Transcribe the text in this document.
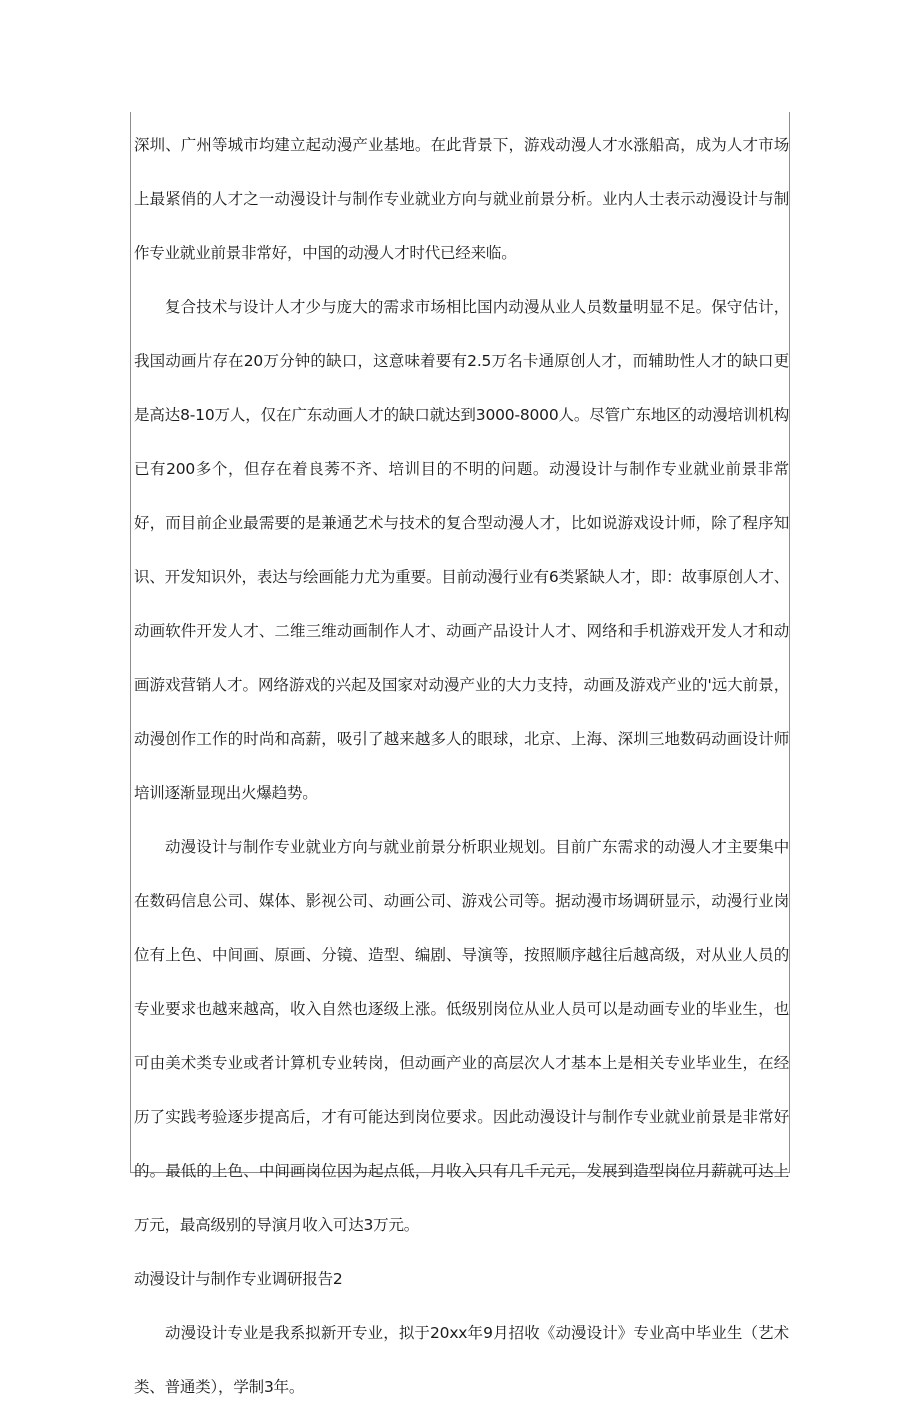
深圳、广州等城市均建立起动漫产业基地。在此背景下，游戏动漫人才水涨船高，成为人才市场上最紧俏的人才之一动漫设计与制作专业就业方向与就业前景分析。业内人士表示动漫设计与制作专业就业前景非常好，中国的动漫人才时代已经来临。

复合技术与设计人才少与庞大的需求市场相比国内动漫从业人员数量明显不足。保守估计，我国动画片存在20万分钟的缺口，这意味着要有2.5万名卡通原创人才，而辅助性人才的缺口更是高达8-10万人，仅在广东动画人才的缺口就达到3000-8000人。尽管广东地区的动漫培训机构已有200多个，但存在着良莠不齐、培训目的不明的问题。动漫设计与制作专业就业前景非常好，而目前企业最需要的是兼通艺术与技术的复合型动漫人才，比如说游戏设计师，除了程序知识、开发知识外，表达与绘画能力尤为重要。目前动漫行业有6类紧缺人才，即：故事原创人才、动画软件开发人才、二维三维动画制作人才、动画产品设计人才、网络和手机游戏开发人才和动画游戏营销人才。网络游戏的兴起及国家对动漫产业的大力支持，动画及游戏产业的'远大前景，动漫创作工作的时尚和高薪，吸引了越来越多人的眼球，北京、上海、深圳三地数码动画设计师培训逐渐显现出火爆趋势。

动漫设计与制作专业就业方向与就业前景分析职业规划。目前广东需求的动漫人才主要集中在数码信息公司、媒体、影视公司、动画公司、游戏公司等。据动漫市场调研显示，动漫行业岗位有上色、中间画、原画、分镜、造型、编剧、导演等，按照顺序越往后越高级，对从业人员的专业要求也越来越高，收入自然也逐级上涨。低级别岗位从业人员可以是动画专业的毕业生，也可由美术类专业或者计算机专业转岗，但动画产业的高层次人才基本上是相关专业毕业生，在经历了实践考验逐步提高后，才有可能达到岗位要求。因此动漫设计与制作专业就业前景是非常好的。最低的上色、中间画岗位因为起点低，月收入只有几千元元，发展到造型岗位月薪就可达上万元，最高级别的导演月收入可达3万元。

动漫设计与制作专业调研报告2

动漫设计专业是我系拟新开专业，拟于20xx年9月招收《动漫设计》专业高中毕业生（艺术类、普通类），学制3年。
